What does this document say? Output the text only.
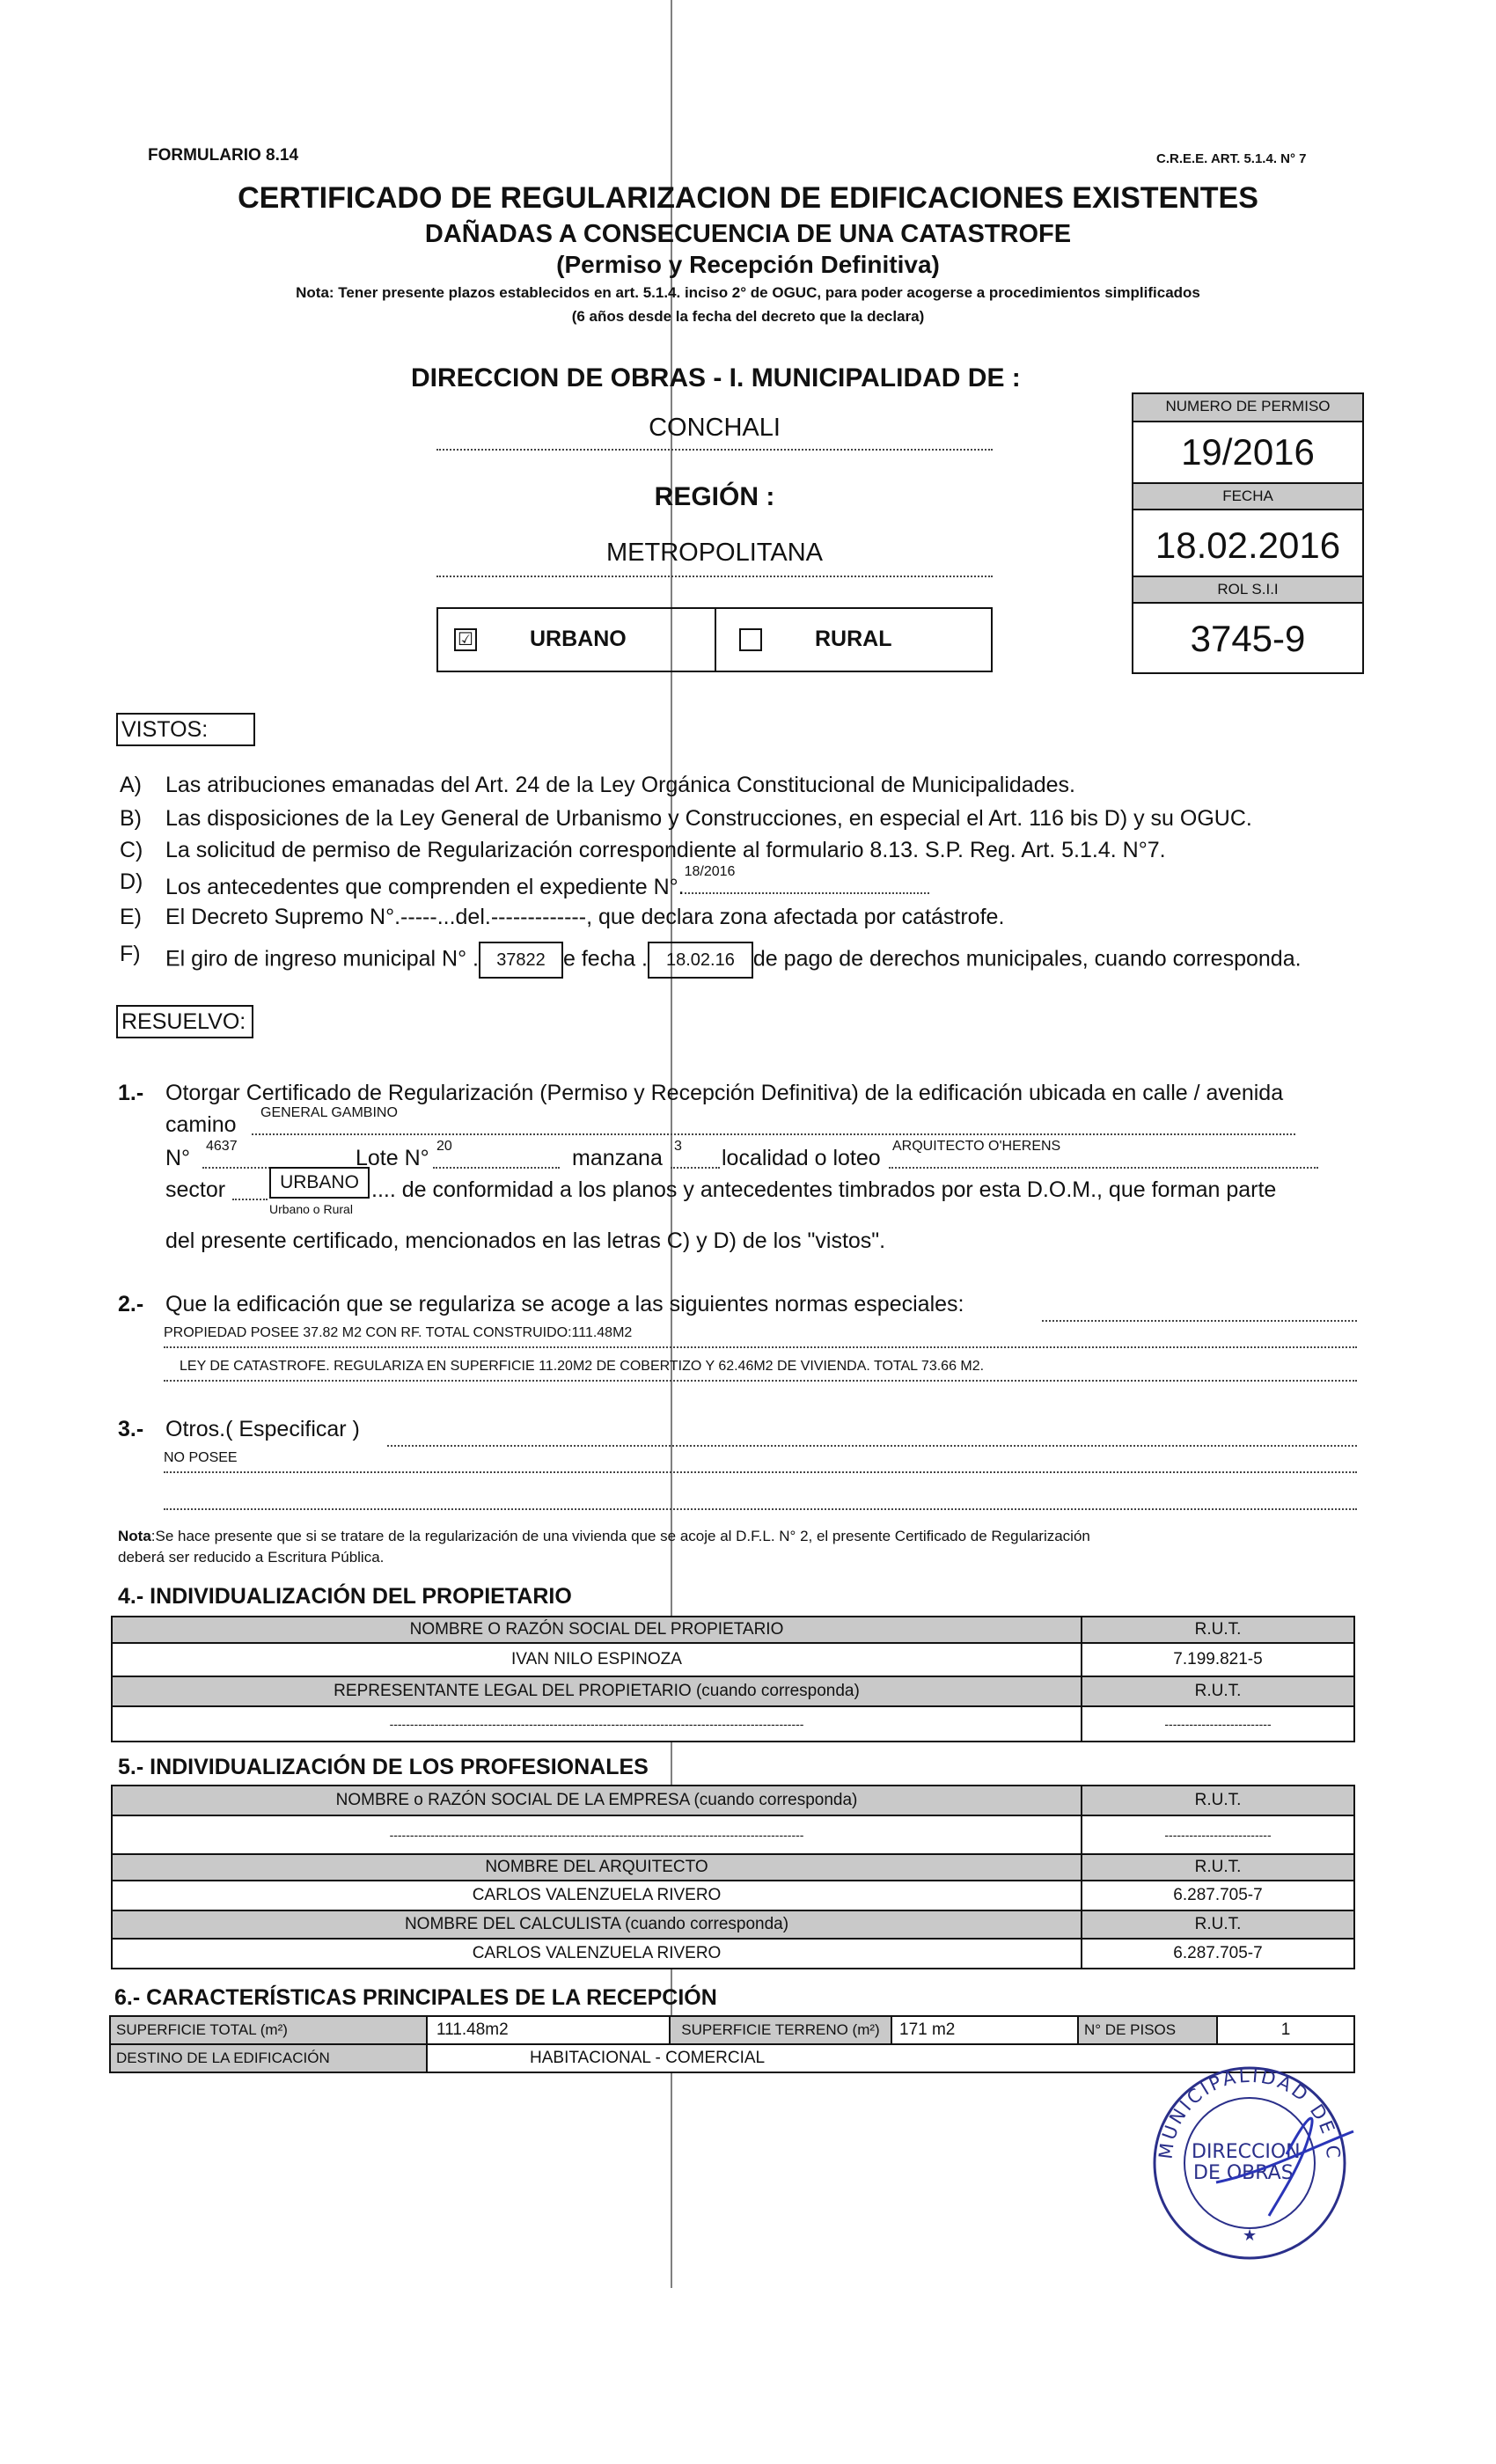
FORMULARIO 8.14	C.R.E.E. ART. 5.1.4. N° 7
CERTIFICADO DE REGULARIZACION DE EDIFICACIONES EXISTENTES
DAÑADAS A CONSECUENCIA DE UNA CATASTROFE
(Permiso y Recepción Definitiva)
Nota: Tener presente plazos establecidos en art. 5.1.4. inciso 2° de OGUC, para poder acogerse a procedimientos simplificados
(6 años desde la fecha del decreto que la declara)
DIRECCION DE OBRAS - I. MUNICIPALIDAD DE :
CONCHALI
REGIÓN :
METROPOLITANA
☑	URBANO	RURAL
NUMERO DE PERMISO
19/2016
FECHA
18.02.2016
ROL S.I.I
3745-9
VISTOS:
A) Las atribuciones emanadas del Art. 24 de la Ley Orgánica Constitucional de Municipalidades.
B) Las disposiciones de la Ley General de Urbanismo y Construcciones, en especial el Art. 116 bis D) y su OGUC.
C) La solicitud de permiso de Regularización correspondiente al formulario 8.13. S.P. Reg. Art. 5.1.4. N°7.
D) Los antecedentes que comprenden el expediente N°.
18/2016
E) El Decreto Supremo N°.-----...del.-------------, que declara zona afectada por catástrofe.
F) El giro de ingreso municipal N° . 37822 e fecha . 18.02.16 de pago de derechos municipales, cuando corresponda.
RESUELVO:
1.- Otorgar Certificado de Regularización (Permiso y Recepción Definitiva) de la edificación ubicada en calle / avenida
camino GENERAL GAMBINO
N° 4637	Lote N° 20	manzana 3 localidad o loteo ARQUITECTO O'HERENS
sector	URBANO
Urbano o Rural
.... de conformidad a los planos y antecedentes timbrados por esta D.O.M., que forman parte
del presente certificado, mencionados en las letras C) y D) de los "vistos".
2.- Que la edificación que se regulariza se acoge a las siguientes normas especiales:
PROPIEDAD POSEE 37.82 M2 CON RF. TOTAL CONSTRUIDO:111.48M2
LEY DE CATASTROFE. REGULARIZA EN SUPERFICIE 11.20M2 DE COBERTIZO Y 62.46M2 DE VIVIENDA. TOTAL 73.66 M2.
3.- Otros.( Especificar )
NO POSEE
Nota:Se hace presente que si se tratare de la regularización de una vivienda que se acoje al D.F.L. N° 2, el presente Certificado de Regularización
deberá ser reducido a Escritura Pública.
4.- INDIVIDUALIZACIÓN DEL PROPIETARIO
NOMBRE O RAZÓN SOCIAL DEL PROPIETARIO	R.U.T.
IVAN NILO ESPINOZA	7.199.821-5
REPRESENTANTE LEGAL DEL PROPIETARIO (cuando corresponda)	R.U.T.
-----------------------------------------------------------------------------------------------------	--------------------------
5.- INDIVIDUALIZACIÓN DE LOS PROFESIONALES
NOMBRE o RAZÓN SOCIAL DE LA EMPRESA (cuando corresponda)	R.U.T.
-----------------------------------------------------------------------------------------------------	--------------------------
NOMBRE DEL ARQUITECTO	R.U.T.
CARLOS VALENZUELA RIVERO	6.287.705-7
NOMBRE DEL CALCULISTA (cuando corresponda)	R.U.T.
CARLOS VALENZUELA RIVERO	6.287.705-7
6.- CARACTERÍSTICAS PRINCIPALES DE LA RECEPCIÓN
SUPERFICIE TOTAL (m²)	111.48m2	SUPERFICIE TERRENO (m²)	171 m2	N° DE PISOS	1
DESTINO DE LA EDIFICACIÓN	HABITACIONAL - COMERCIAL
MUNICIPALIDAD DE C
DIRECCION
DE OBRAS
★
